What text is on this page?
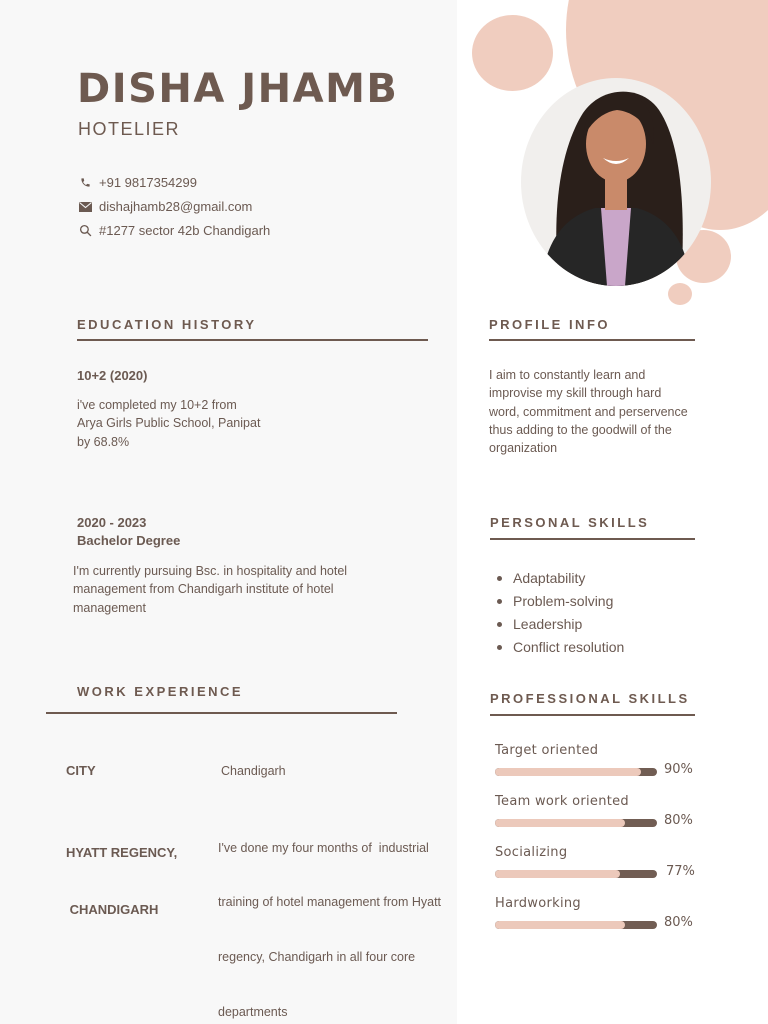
DISHA JHAMB
HOTELIER
+91 9817354299
dishajhamb28@gmail.com
#1277 sector 42b Chandigarh
EDUCATION HISTORY
10+2 (2020)
i've completed my 10+2 from
Arya Girls Public School, Panipat
by 68.8%
2020 - 2023
Bachelor Degree
I'm currently pursuing Bsc. in hospitality and hotel
management from Chandigarh institute of hotel
management
WORK EXPERIENCE
CITY	Chandigarh

HYATT REGENCY,

CHANDIGARH

I've done my four months of  industrial

training of hotel management from Hyatt

regency, Chandigarh in all four core

departments

PROFILE INFO
I aim to constantly learn and
improvise my skill through hard
word, commitment and perservence
thus adding to the goodwill of the
organization
PERSONAL SKILLS
Adaptability
Problem-solving
Leadership
Conflict resolution
PROFESSIONAL SKILLS
Target oriented
90%
Team work oriented
80%
Socializing
77%
Hardworking
80%
